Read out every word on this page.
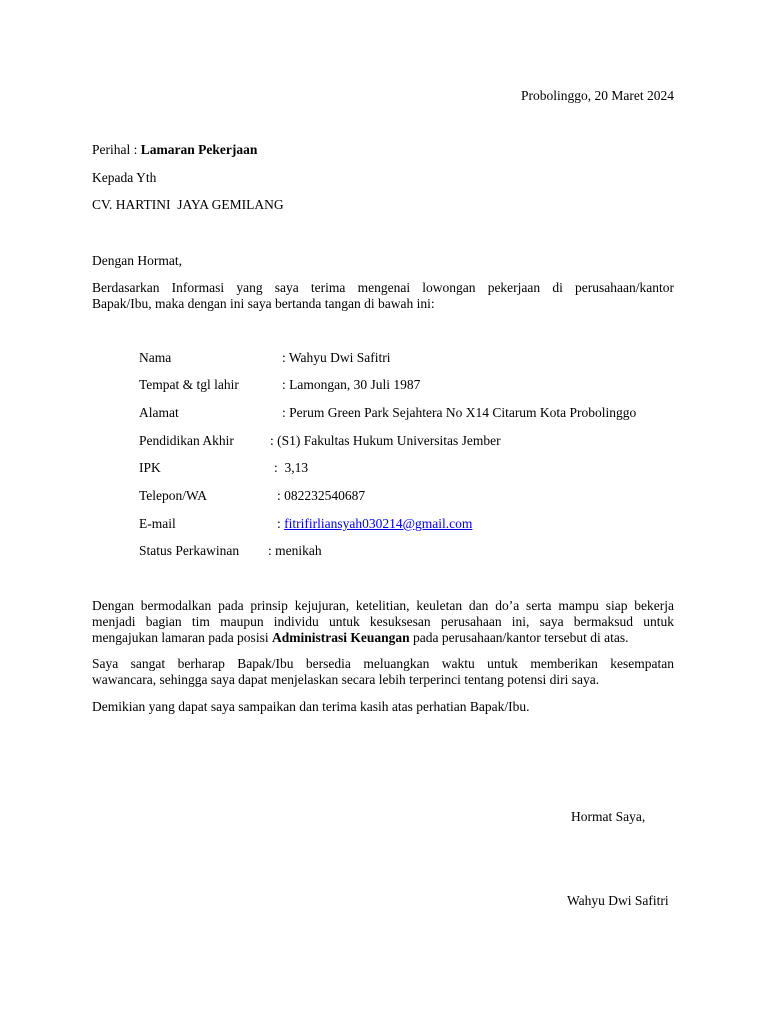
Probolinggo, 20 Maret 2024
Perihal : Lamaran Pekerjaan
Kepada Yth
CV. HARTINI  JAYA GEMILANG
Dengan Hormat,
Berdasarkan Informasi yang saya terima mengenai lowongan pekerjaan di perusahaan/kantor
Bapak/Ibu, maka dengan ini saya bertanda tangan di bawah ini:
Nama	: Wahyu Dwi Safitri
Tempat & tgl lahir	: Lamongan, 30 Juli 1987
Alamat	: Perum Green Park Sejahtera No X14 Citarum Kota Probolinggo
Pendidikan Akhir	: (S1) Fakultas Hukum Universitas Jember
IPK	:  3,13
Telepon/WA	: 082232540687
E-mail	: fitrifirliansyah030214@gmail.com
Status Perkawinan : menikah
Dengan bermodalkan pada prinsip kejujuran, ketelitian, keuletan dan do’a serta mampu siap bekerja
menjadi bagian tim maupun individu untuk kesuksesan perusahaan ini, saya bermaksud untuk
mengajukan lamaran pada posisi Administrasi Keuangan pada perusahaan/kantor tersebut di atas.
Saya sangat berharap Bapak/Ibu bersedia meluangkan waktu untuk memberikan kesempatan
wawancara, sehingga saya dapat menjelaskan secara lebih terperinci tentang potensi diri saya.
Demikian yang dapat saya sampaikan dan terima kasih atas perhatian Bapak/Ibu.
Hormat Saya,
Wahyu Dwi Safitri
